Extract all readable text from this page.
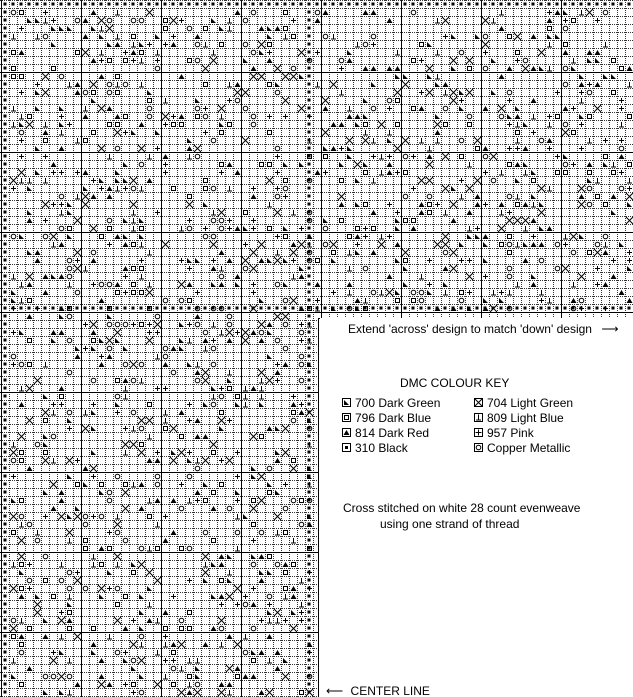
Extend 'across' design to match 'down' design ⟶
DMC COLOUR KEY
700 Dark Green
796 Dark Blue
814 Dark Red
310 Black
704 Light Green
809 Light Blue
957 Pink
Copper Metallic
Cross stitched on white 28 count evenweave
using one strand of thread
⟵ CENTER LINE
